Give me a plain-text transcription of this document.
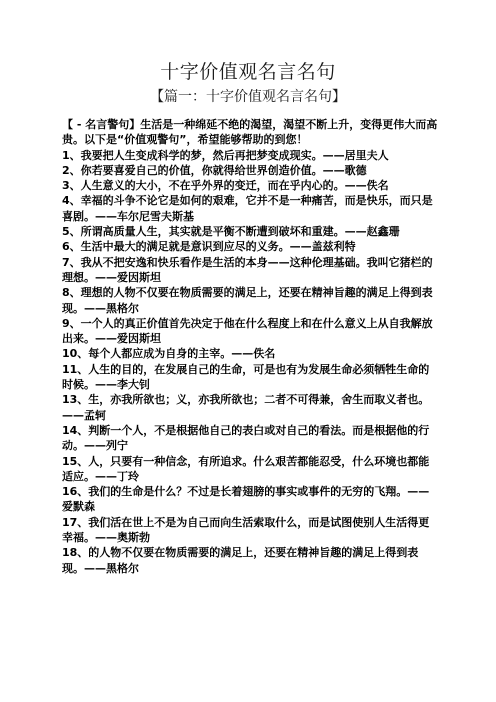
十字价值观名言名句
【篇一：十字价值观名言名句】

【 - 名言警句】生活是一种绵延不绝的渴望，渴望不断上升，变得更伟大而高贵。以下是“价值观警句”，希望能够帮助的到您！

1、我要把人生变成科学的梦，然后再把梦变成现实。——居里夫人

2、你若要喜爱自己的价值，你就得给世界创造价值。——歌德

3、人生意义的大小，不在乎外界的变迁，而在乎内心的。——佚名

4、幸福的斗争不论它是如何的艰难，它并不是一种痛苦，而是快乐，而只是喜剧。——车尔尼雪夫斯基

5、所谓高质量人生，其实就是平衡不断遭到破坏和重建。——赵鑫珊

6、生活中最大的满足就是意识到应尽的义务。——盖兹利特

7、我从不把安逸和快乐看作是生活的本身——这种伦理基础。我叫它猪栏的理想。——爱因斯坦

8、理想的人物不仅要在物质需要的满足上，还要在精神旨趣的满足上得到表现。——黑格尔

9、一个人的真正价值首先决定于他在什么程度上和在什么意义上从自我解放出来。——爱因斯坦

10、每个人都应成为自身的主宰。——佚名

11、人生的目的，在发展自己的生命，可是也有为发展生命必须牺牲生命的时候。——李大钊

13、生，亦我所欲也；义，亦我所欲也；二者不可得兼，舍生而取义者也。——孟轲

14、判断一个人，不是根据他自己的表白或对自己的看法。而是根据他的行动。——列宁

15、人，只要有一种信念，有所追求。什么艰苦都能忍受，什么环境也都能适应。——丁玲

16、我们的生命是什么？不过是长着翅膀的事实或事件的无穷的飞翔。——爱默森

17、我们活在世上不是为自己而向生活索取什么，而是试图使别人生活得更幸福。——奥斯勃

18、的人物不仅要在物质需要的满足上，还要在精神旨趣的满足上得到表现。——黑格尔
